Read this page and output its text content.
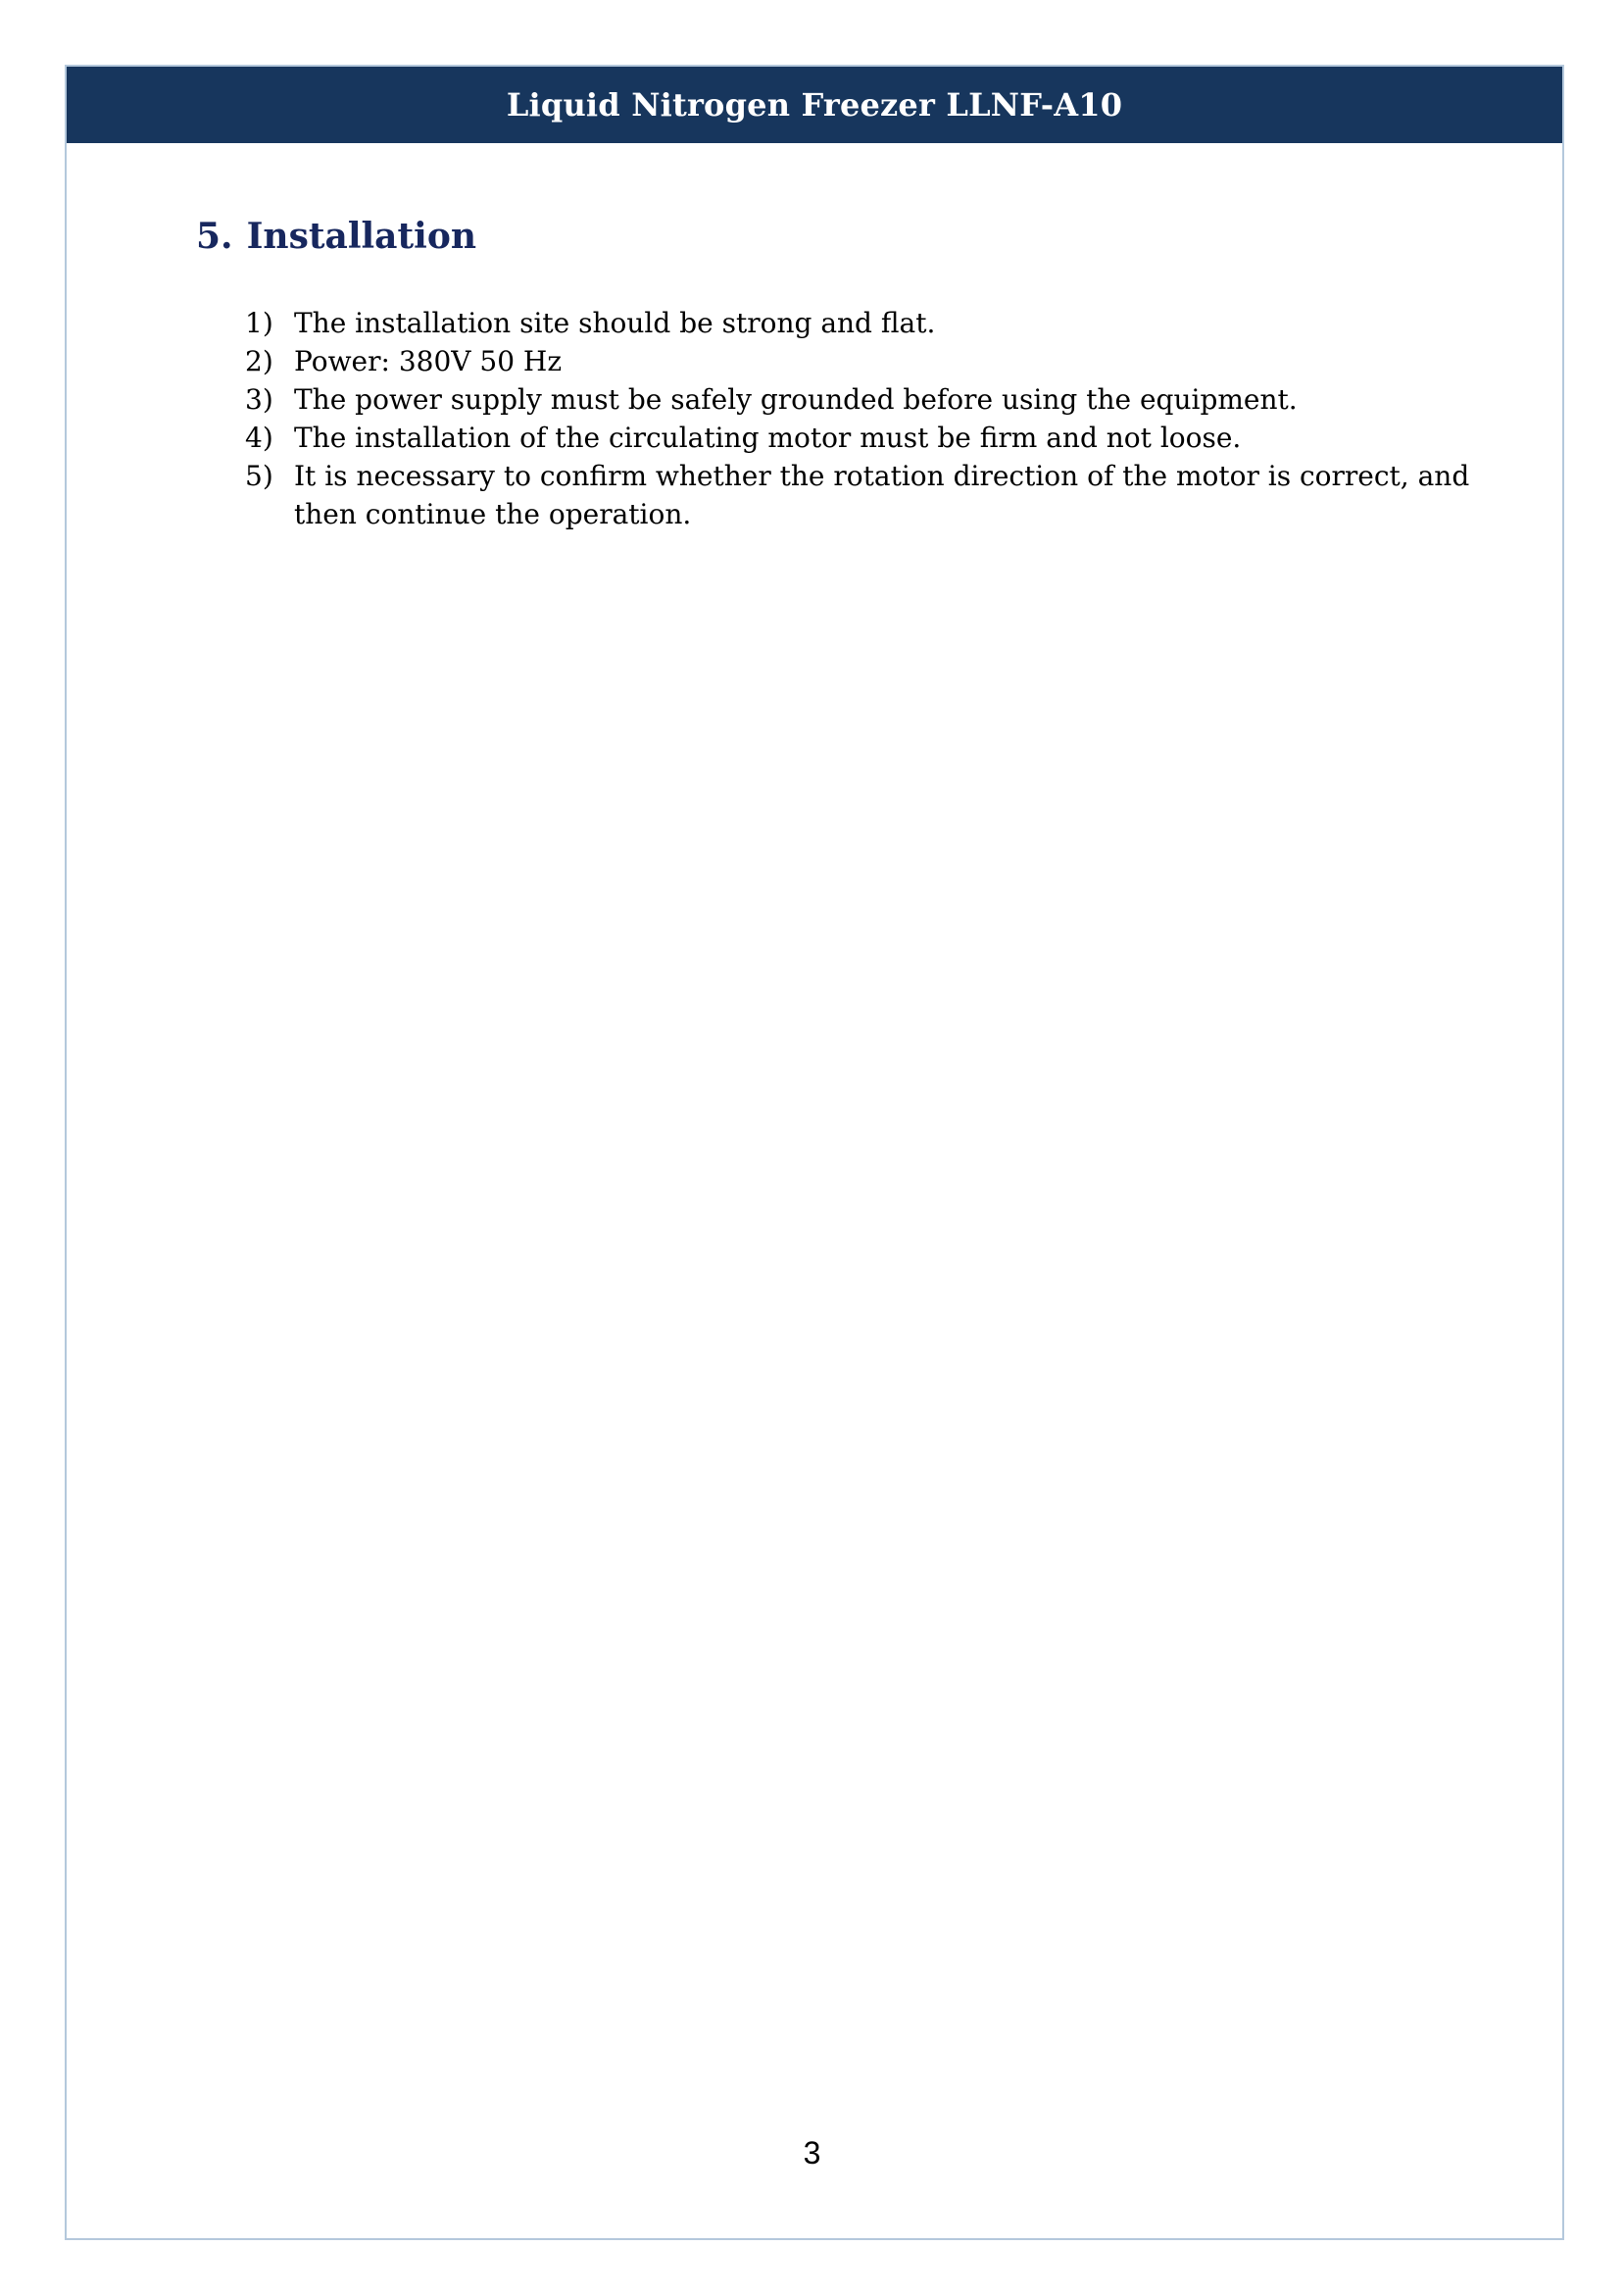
Liquid Nitrogen Freezer LLNF-A10
5. Installation
1) The installation site should be strong and flat.
2) Power: 380V 50 Hz
3) The power supply must be safely grounded before using the equipment.
4) The installation of the circulating motor must be firm and not loose.
5) It is necessary to confirm whether the rotation direction of the motor is correct, and then continue the operation.
3
